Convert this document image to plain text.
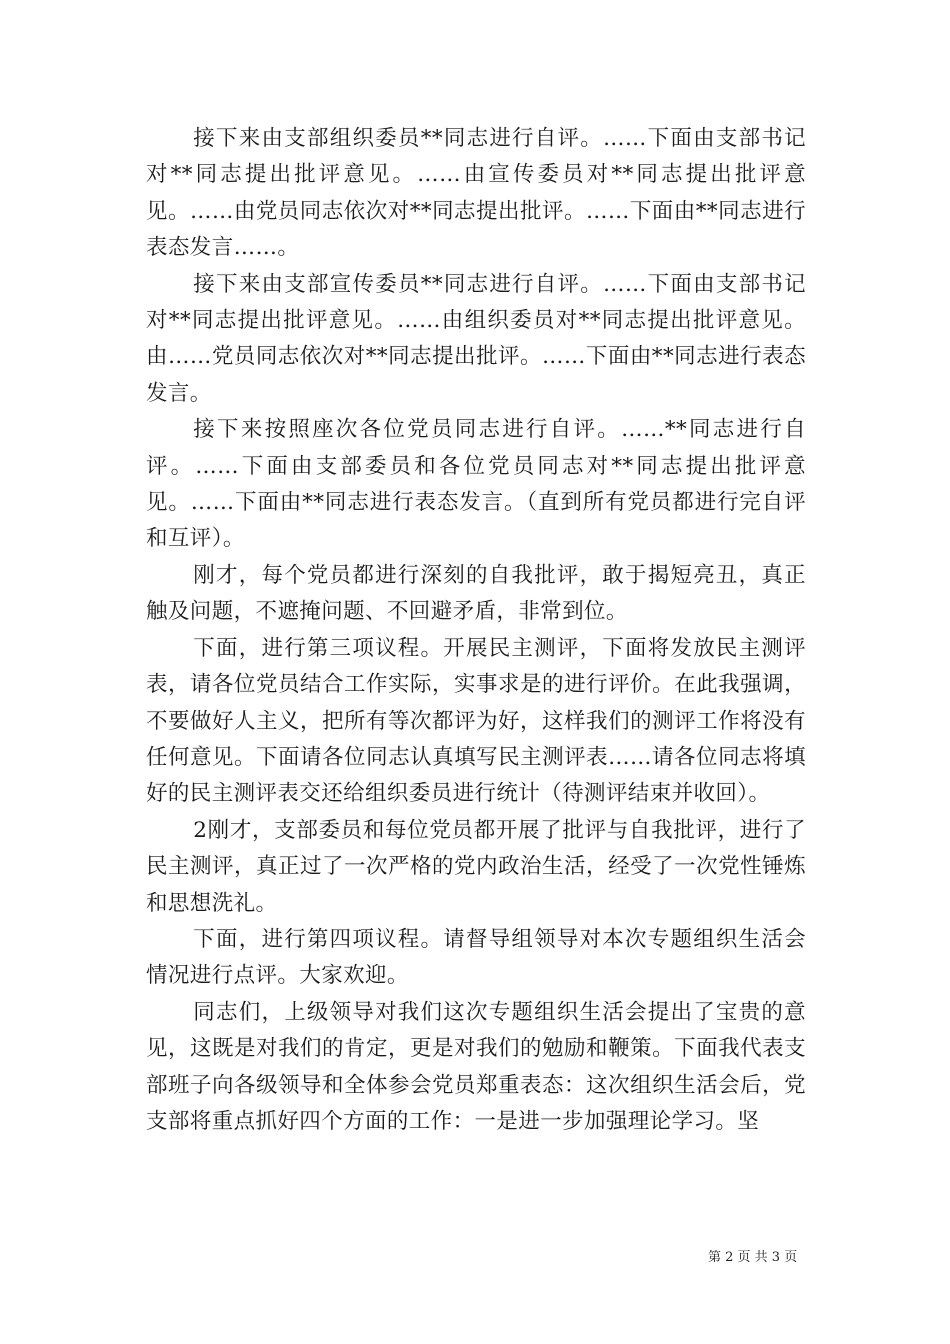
接下来由支部组织委员**同志进行自评。……下面由支部书记对**同志提出批评意见。……由宣传委员对**同志提出批评意见。……由党员同志依次对**同志提出批评。……下面由**同志进行表态发言……。

接下来由支部宣传委员**同志进行自评。……下面由支部书记对**同志提出批评意见。……由组织委员对**同志提出批评意见。由……党员同志依次对**同志提出批评。……下面由**同志进行表态发言。

接下来按照座次各位党员同志进行自评。……**同志进行自评。……下面由支部委员和各位党员同志对**同志提出批评意见。……下面由**同志进行表态发言。（直到所有党员都进行完自评和互评）。

刚才，每个党员都进行深刻的自我批评，敢于揭短亮丑，真正触及问题，不遮掩问题、不回避矛盾，非常到位。

下面，进行第三项议程。开展民主测评，下面将发放民主测评表，请各位党员结合工作实际，实事求是的进行评价。在此我强调，不要做好人主义，把所有等次都评为好，这样我们的测评工作将没有任何意见。下面请各位同志认真填写民主测评表……请各位同志将填好的民主测评表交还给组织委员进行统计（待测评结束并收回）。

2刚才，支部委员和每位党员都开展了批评与自我批评，进行了民主测评，真正过了一次严格的党内政治生活，经受了一次党性锤炼和思想洗礼。

下面，进行第四项议程。请督导组领导对本次专题组织生活会情况进行点评。大家欢迎。

同志们，上级领导对我们这次专题组织生活会提出了宝贵的意见，这既是对我们的肯定，更是对我们的勉励和鞭策。下面我代表支部班子向各级领导和全体参会党员郑重表态：这次组织生活会后，党支部将重点抓好四个方面的工作：一是进一步加强理论学习。坚

第 2 页 共 3 页
